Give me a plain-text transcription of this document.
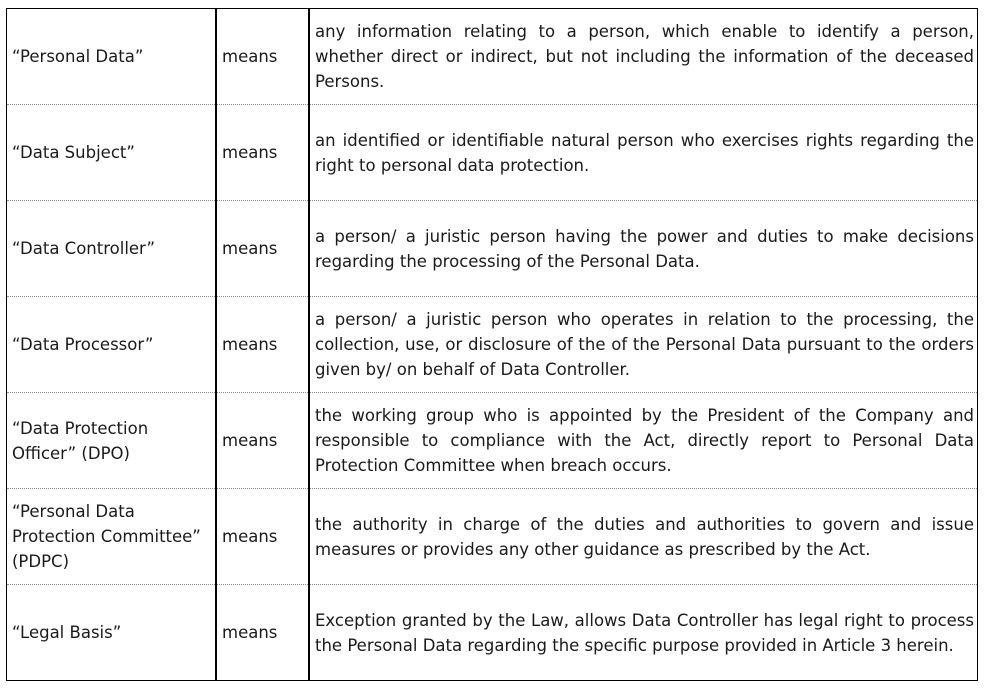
“Personal Data”	means	any information relating to a person, which enable to identify a person, whether direct or indirect, but not including the information of the deceased Persons.
“Data Subject”	means	an identified or identifiable natural person who exercises rights regarding the right to personal data protection.
“Data Controller”	means	a person/ a juristic person having the power and duties to make decisions regarding the processing of the Personal Data.
“Data Processor”	means	a person/ a juristic person who operates in relation to the processing, the collection, use, or disclosure of the of the Personal Data pursuant to the orders given by/ on behalf of Data Controller.
“Data Protection Officer” (DPO)	means	the working group who is appointed by the President of the Company and responsible to compliance with the Act, directly report to Personal Data Protection Committee when breach occurs.
“Personal Data Protection Committee” (PDPC)	means	the authority in charge of the duties and authorities to govern and issue measures or provides any other guidance as prescribed by the Act.
“Legal Basis”	means	Exception granted by the Law, allows Data Controller has legal right to process the Personal Data regarding the specific purpose provided in Article 3 herein.
